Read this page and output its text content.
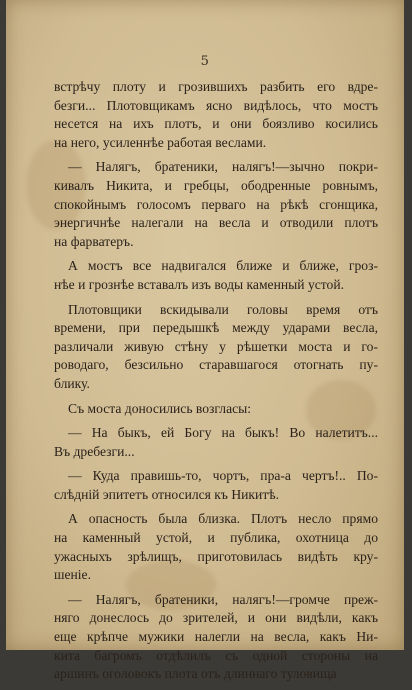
5
встрѣчу плоту и грозившихъ разбить его вдре-
безги... Плотовщикамъ ясно видѣлось, что мостъ
несется на ихъ плотъ, и они боязливо косились
на него, усиленнѣе работая веслами.
— Налягъ, братеники, налягъ!—зычно покри-
кивалъ Никита, и гребцы, ободренные ровнымъ,
спокойнымъ голосомъ перваго на рѣкѣ сгонщика,
энергичнѣе налегали на весла и отводили плотъ
на фарватеръ.
А мостъ все надвигался ближе и ближе, гроз-
нѣе и грознѣе вставалъ изъ воды каменный устой.
Плотовщики вскидывали головы время отъ
времени, при передышкѣ между ударами весла,
различали живую стѣну у рѣшетки моста и го-
роводаго, безсильно старавшагося отогнать пу-
блику.
Съ моста доносились возгласы:
— На быкъ, ей Богу на быкъ! Во налетитъ...
Въ дребезги...
— Куда правишь-то, чортъ, пра-а чертъ!.. По-
слѣдній эпитетъ относился къ Никитѣ.
А опасность была близка. Плотъ несло прямо
на каменный устой, и публика, охотница до
ужасныхъ зрѣлищъ, приготовилась видѣть кру-
шеніе.
— Налягъ, братеники, налягъ!—громче преж-
няго донеслось до зрителей, и они видѣли, какъ
еще крѣпче мужики налегли на весла, какъ Ни-
кита багромъ отдѣлилъ съ одной стороны на
аршинъ оголовокъ плота отъ длиннаго туловища
